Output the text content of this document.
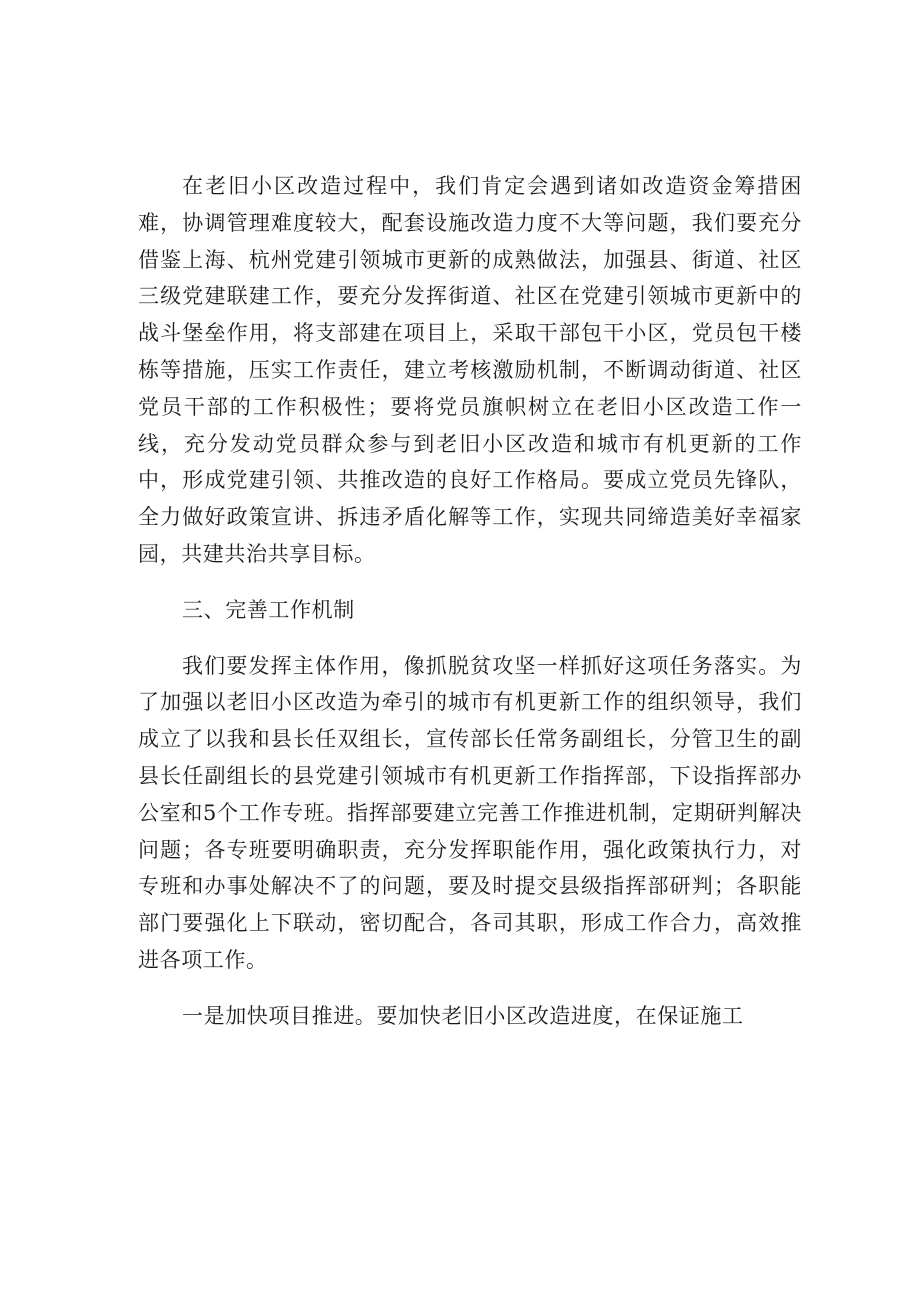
在老旧小区改造过程中，我们肯定会遇到诸如改造资金筹措困难，协调管理难度较大，配套设施改造力度不大等问题，我们要充分借鉴上海、杭州党建引领城市更新的成熟做法，加强县、街道、社区三级党建联建工作，要充分发挥街道、社区在党建引领城市更新中的战斗堡垒作用，将支部建在项目上，采取干部包干小区，党员包干楼栋等措施，压实工作责任，建立考核激励机制，不断调动街道、社区党员干部的工作积极性；要将党员旗帜树立在老旧小区改造工作一线，充分发动党员群众参与到老旧小区改造和城市有机更新的工作中，形成党建引领、共推改造的良好工作格局。要成立党员先锋队，全力做好政策宣讲、拆违矛盾化解等工作，实现共同缔造美好幸福家园，共建共治共享目标。

三、完善工作机制

我们要发挥主体作用，像抓脱贫攻坚一样抓好这项任务落实。为了加强以老旧小区改造为牵引的城市有机更新工作的组织领导，我们成立了以我和县长任双组长，宣传部长任常务副组长，分管卫生的副县长任副组长的县党建引领城市有机更新工作指挥部，下设指挥部办公室和5个工作专班。指挥部要建立完善工作推进机制，定期研判解决问题；各专班要明确职责，充分发挥职能作用，强化政策执行力，对专班和办事处解决不了的问题，要及时提交县级指挥部研判；各职能部门要强化上下联动，密切配合，各司其职，形成工作合力，高效推进各项工作。

一是加快项目推进。要加快老旧小区改造进度，在保证施工
